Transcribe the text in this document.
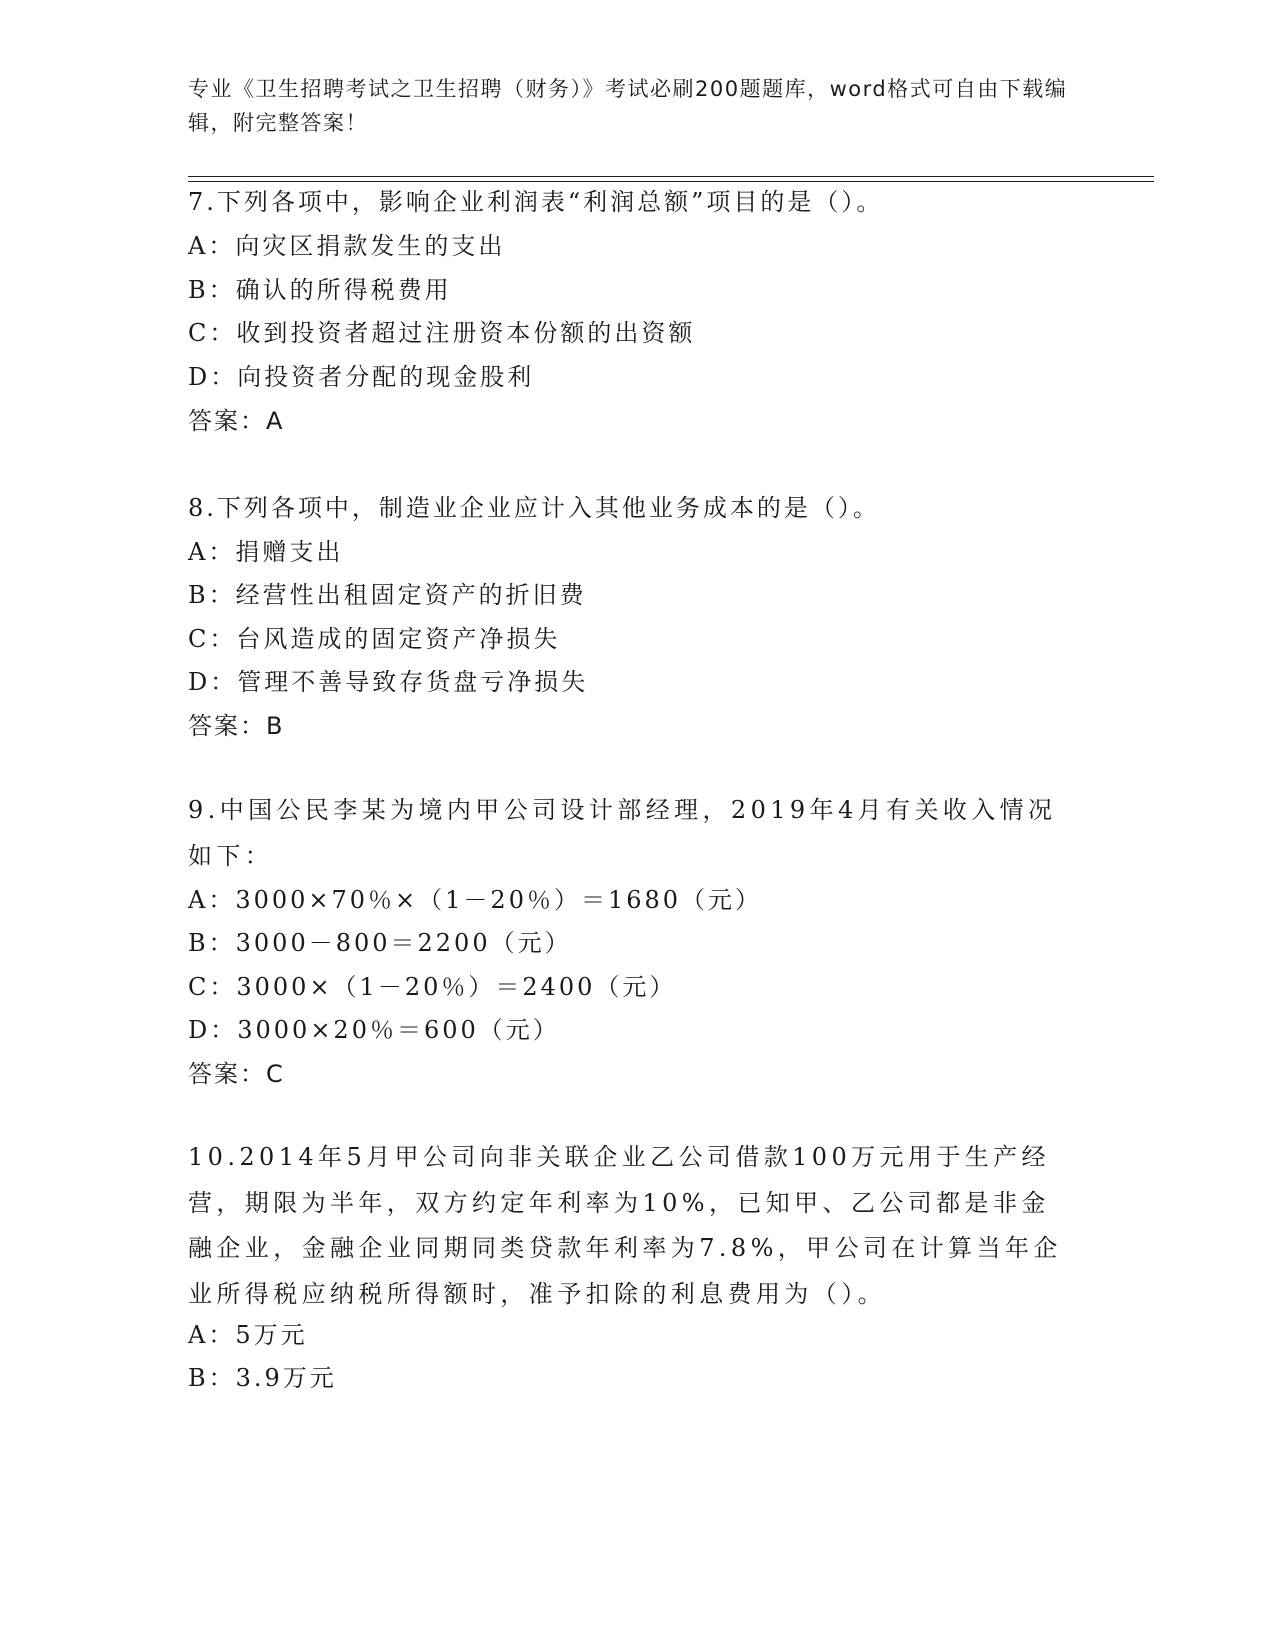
专业《卫生招聘考试之卫生招聘（财务）》考试必刷200题题库，word格式可自由下载编辑，附完整答案！
7.下列各项中，影响企业利润表“利润总额”项目的是（）。
A：向灾区捐款发生的支出
B：确认的所得税费用
C：收到投资者超过注册资本份额的出资额
D：向投资者分配的现金股利
答案：A
8.下列各项中，制造业企业应计入其他业务成本的是（）。
A：捐赠支出
B：经营性出租固定资产的折旧费
C：台风造成的固定资产净损失
D：管理不善导致存货盘亏净损失
答案：B
9.中国公民李某为境内甲公司设计部经理，2019年4月有关收入情况如下：
A：3000×70％×（1－20％）＝1680（元）
B：3000－800＝2200（元）
C：3000×（1－20％）＝2400（元）
D：3000×20％＝600（元）
答案：C
10.2014年5月甲公司向非关联企业乙公司借款100万元用于生产经营，期限为半年，双方约定年利率为10%，已知甲、乙公司都是非金融企业，金融企业同期同类贷款年利率为7.8%，甲公司在计算当年企业所得税应纳税所得额时，准予扣除的利息费用为（）。
A：5万元
B：3.9万元
